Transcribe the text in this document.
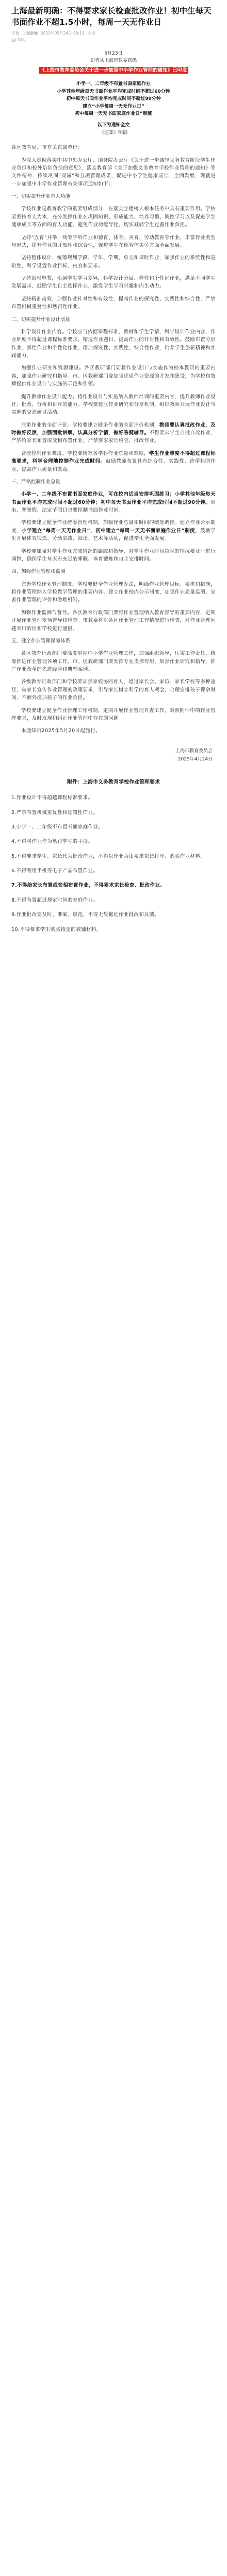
上海最新明确：不得要求家长检查批改作业！初中生每天书面作业不超1.5小时，每周一天无作业日
齐鲁 上观新闻 2025年05月24日 09:19 上海
10人
5月23日
记者从上海市教委获悉
《上海市教育委员会关于进一步加强中小学作业管理的通知》已印发
小学一、二年级不布置书面家庭作业
小学其他年级每天书面作业平均完成时间不超过60分钟
初中每天书面作业平均完成时间不超过90分钟
建立“小学每周一天无作业日”
初中每周一天无书面家庭作业日”制度
以下为通知全文
《通知》明确

各区教育局，市有关直属单位：

为深入贯彻落实中共中央办公厅、国务院办公厅《关于进一步减轻义务教育阶段学生作业负担和校外培训负担的意见》，落实教育部《关于加强义务教育学校作业管理的通知》等文件精神，持续巩固“双减”和五项管理成果，促进中小学生健康成长、全面发展，现就进一步加强中小学作业管理有关事项通知如下：

一、切实提升作业育人功能

学校作业是教育教学的重要组成部分，在落实立德树人根本任务中具有重要作用。学校要坚持育人为本，充分发挥作业在巩固知识、形成能力、培养习惯、调控学习以及促进学生健康成长等方面的育人功能，避免作业功能异化，切实减轻学生过重作业负担。

坚持“五育”并举，统筹学科作业和德育、体育、美育、劳动教育等作业，丰富作业类型与形式，提升作业的开放性和综合性，促进学生在德智体美劳方面全面发展。

坚持整体设计，统筹规划学段、学年、学期、单元和课时作业，加强作业的系统性和进阶性，科学设置作业目标、内容和要求。

坚持因材施教，根据学生学习差异，科学设计分层、弹性和个性化作业，满足不同学生发展需求，鼓励学生自主选择作业，激发学生学习兴趣和内生动力。

坚持精准高效，加强作业针对性和有效性，提高作业的探究性、实践性和综合性，严禁布置机械重复性和惩罚性作业。

二、切实提升作业设计质量

科学设计作业内容。学校应当依据课程标准、教材和学生学情，科学设计作业内容，作业难度不得超过课程标准要求，精选作业题目，提高作业的针对性和有效性。鼓励布置分层作业、弹性作业和个性化作业，增加探究性、实践性、综合性作业，培养学生创新精神和实践能力。

加强作业研究和资源建设。各区教研部门要将作业设计与实施作为校本教研的重要内容，加强作业研究和指导。市、区教研部门要加强优质作业资源的开发和建设，为学校和教师提供作业设计与实施的示范和引领。

提升教师作业设计能力。将作业设计与实施纳入教师培训的重要内容，提升教师作业设计、批改、分析和讲评的能力。学校要建立作业研究和分享机制，组织教师开展作业设计与实施的交流研讨活动。

注重作业的全面评价。学校要建立健全作业的全面评价机制，教师要认真批改作业，及时做好反馈，加强面批讲解，认真分析学情，做好答疑辅导。不得要求学生自批自改作业，严禁给家长布置或变相布置作业，严禁要求家长检查、批改作业。

合理控制作业难度。学校要统筹各学科作业总量和难度，学生作业难度不得超过课程标准要求，科学合理地控制作业完成时间。鼓励教师布置具有综合性、实践性、跨学科的作业，提高作业质量和效益。

三、严格控制作业总量

小学一、二年级不布置书面家庭作业，可在校内适当安排巩固练习；小学其他年级每天书面作业平均完成时间不超过60分钟；初中每天书面作业平均完成时间不超过90分钟。周末、寒暑假、法定节假日也要控制书面作业时间。

学校要建立健全作业统筹管理机制，加强作业总量和时间的统筹调控。建立作业公示制度，小学建立“每周一天无作业日”，初中建立“每周一天无书面家庭作业日”制度，鼓励学生开展体育锻炼、劳动实践、阅读、艺术等活动，促进学生全面发展。

学校要加强对学生作业完成情况的跟踪和指导，对学生作业时间超时的情况要及时进行调整，确保学生每天有充足的睡眠、体育锻炼和自主安排时间。

四、加强作业管理和监测

完善学校作业管理制度。学校要健全作业管理办法，明确作业管理目标、要求和措施，将作业管理纳入学校教学管理的重要内容，建立作业校内公示制度，加强作业质量监测，完善作业管理的评价和激励机制。

加强作业监测与督导。各区教育行政部门要将作业管理纳入教育督导的重要内容，定期开展作业管理专项督导和检查。市教委将对各区作业管理工作情况进行检查，对作业管理问题突出的区和学校进行通报。

五、健全作业管理保障体系

各区教育行政部门要高度重视中小学作业管理工作，加强组织领导，压实工作责任，统筹推进作业管理各项工作。市、区教研部门要发挥专业支撑作用，加强作业研究和指导，推广作业改革的先进经验和典型案例。

各级教育行政部门和学校要加强家校协同育人，通过家长会、家访、家长学校等多种途径，向家长宣传作业管理的政策要求，引导家长树立科学的育人观念，合理安排孩子课余时间，不额外增加孩子的作业负担。

学校要建立健全作业管理工作机制，定期开展作业管理自查工作，对照附件中的作业管理要求，及时发现和纠正作业管理中存在的问题。

本通知自2025年5月20日起施行。

上海市教育委员会
2025年4月24日
附件：上海市义务教育学校作业管理要求

1.作业设计不得超越课程标准要求。

2.严禁布置机械重复性和惩罚性作业。

3.小学一、二年级不布置书面家庭作业。

4.不得将作业作为惩罚学生的手段。

5.不得要求学生、家长代为批改作业，不得以作业为由要求家长打印、购买作业材料。

6.不得利用手机等电子产品布置作业。

7.不得给家长布置或变相布置作业，不得要求家长检查、批改作业。

8.不得布置超过规定时间的家庭作业。

9.作业批改要及时、准确、规范，不得无故拖延作业批改和反馈。

10.不得要求学生购买指定的教辅材料。
